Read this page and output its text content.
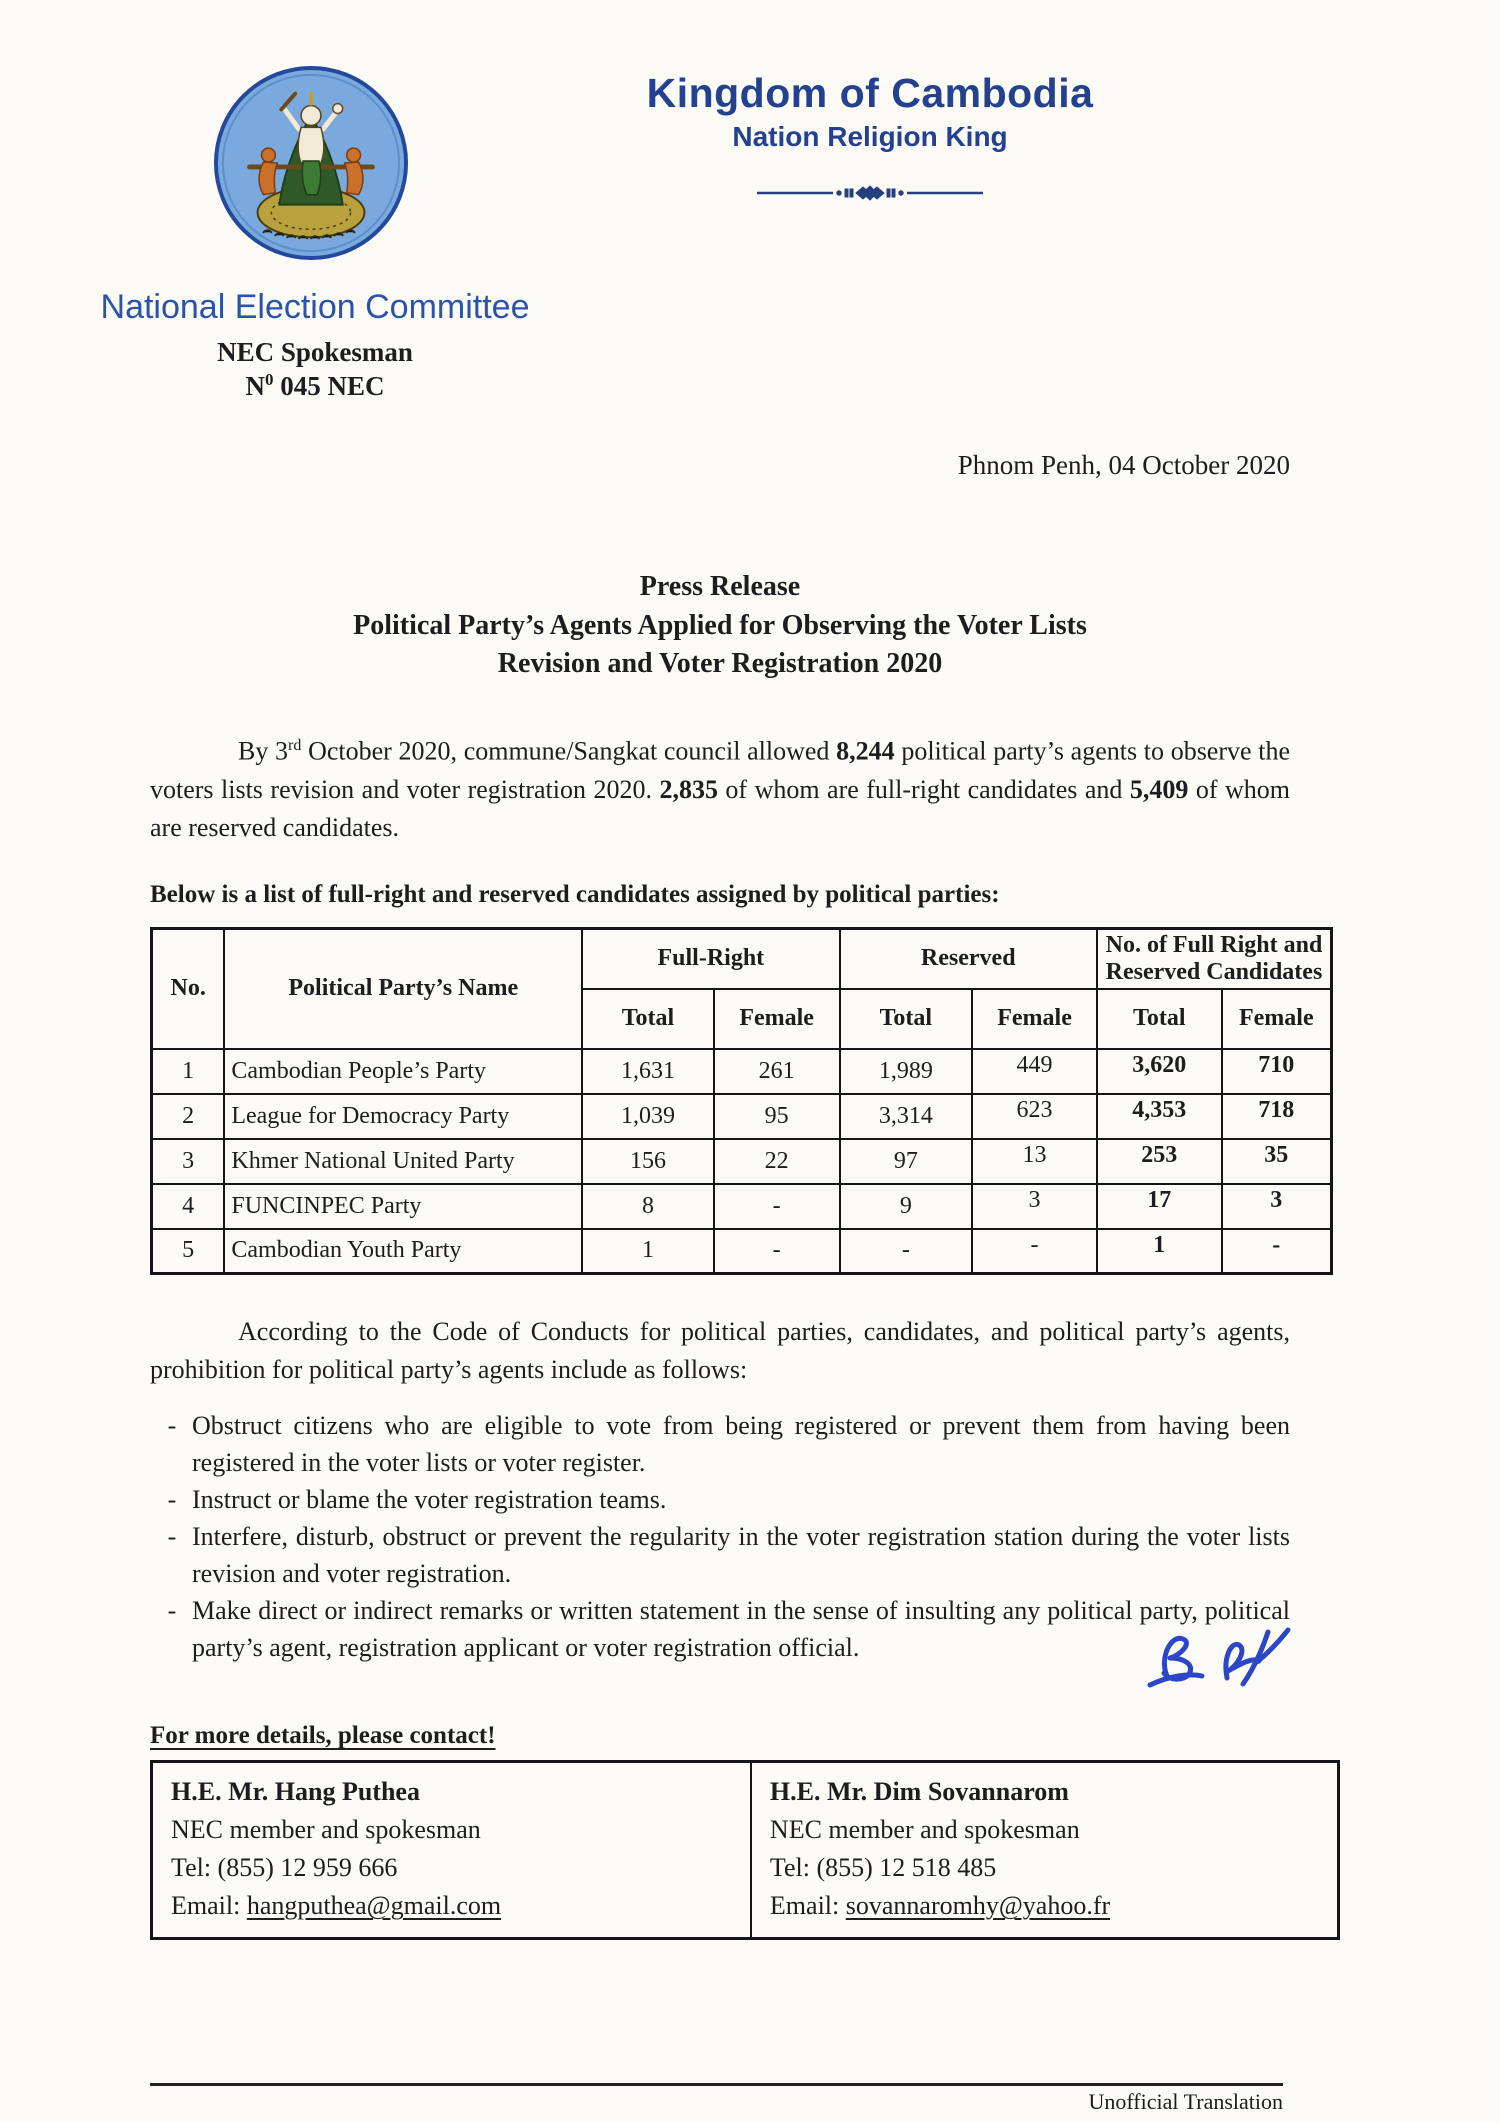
Kingdom of Cambodia
Nation Religion King
National Election Committee
NEC Spokesman
$N^0$ 045 NEC
Phnom Penh, 04 October 2020
Press Release
Political Party’s Agents Applied for Observing the Voter Lists
Revision and Voter Registration 2020

By 3rd October 2020, commune/Sangkat council allowed 8,244 political party’s agents to observe the voters lists revision and voter registration 2020. 2,835 of whom are full-right candidates and 5,409 of whom are reserved candidates.

Below is a list of full-right and reserved candidates assigned by political parties:
No.	Political Party’s Name	Full-Right		Reserved		No. of Full Right and Reserved Candidates	
		Total	Female	Total	Female	Total	Female
1	Cambodian People’s Party	1,631	261	1,989	449	3,620	710
2	League for Democracy Party	1,039	95	3,314	623	4,353	718
3	Khmer National United Party	156	22	97	13	253	35
4	FUNCINPEC Party	8	-	9	3	17	3
5	Cambodian Youth Party	1	-	-	-	1	-

According to the Code of Conducts for political parties, candidates, and political party’s agents, prohibition for political party’s agents include as follows:

- Obstruct citizens who are eligible to vote from being registered or prevent them from having been registered in the voter lists or voter register.
- Instruct or blame the voter registration teams.
- Interfere, disturb, obstruct or prevent the regularity in the voter registration station during the voter lists revision and voter registration.
- Make direct or indirect remarks or written statement in the sense of insulting any political party, political party’s agent, registration applicant or voter registration official.
For more details, please contact!
H.E. Mr. Hang Puthea
NEC member and spokesman
Tel: (855) 12 959 666
Email: hangputhea@gmail.com

H.E. Mr. Dim Sovannarom
NEC member and spokesman
Tel: (855) 12 518 485
Email: sovannaromhy@yahoo.fr
Unofficial Translation
